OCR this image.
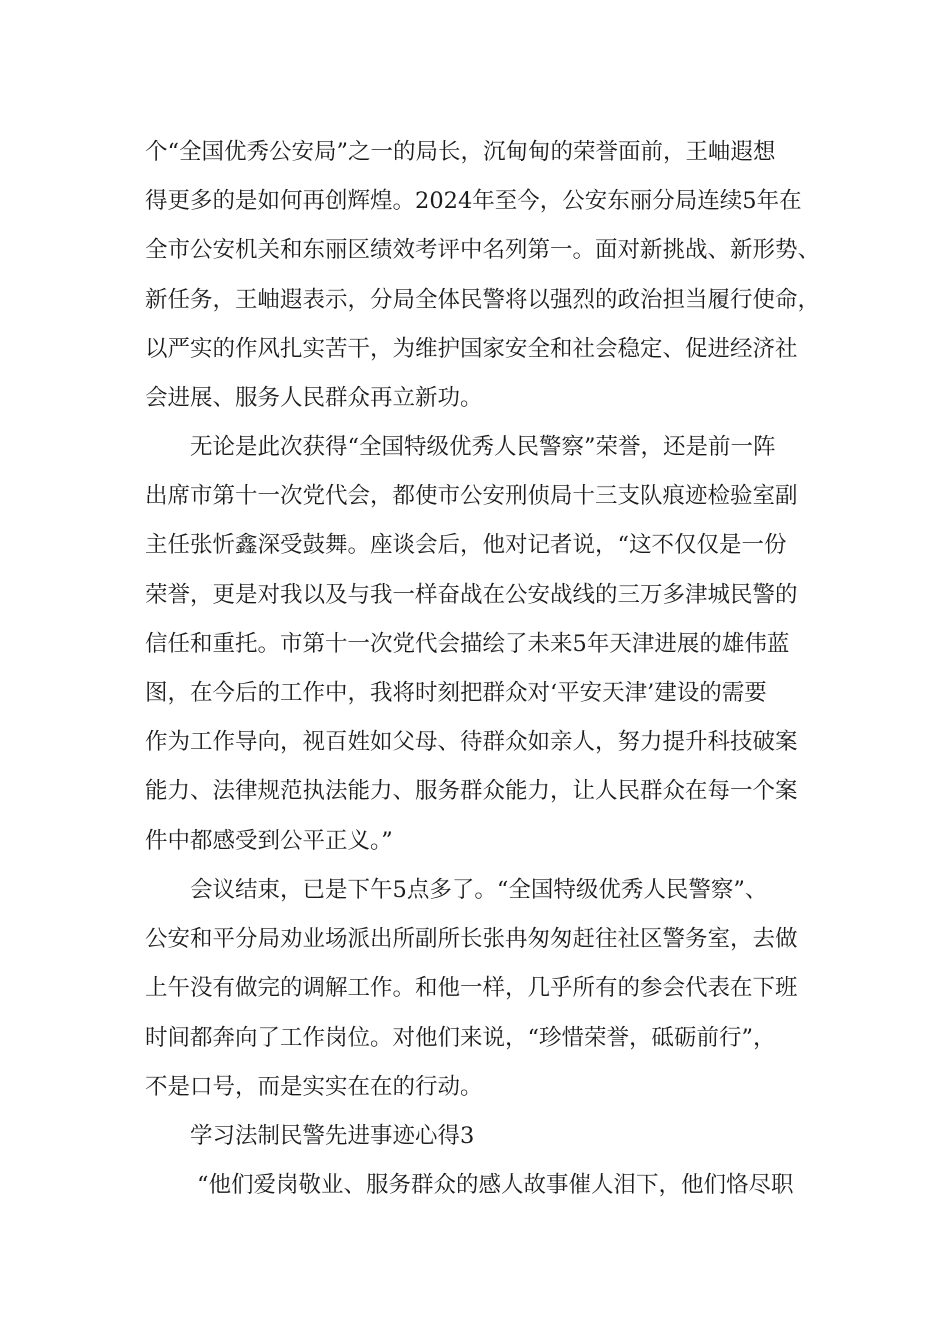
个“全国优秀公安局”之一的局长，沉甸甸的荣誉面前，王岫遐想
得更多的是如何再创辉煌。2024年至今，公安东丽分局连续5年在
全市公安机关和东丽区绩效考评中名列第一。面对新挑战、新形势、
新任务，王岫遐表示，分局全体民警将以强烈的政治担当履行使命，
以严实的作风扎实苦干，为维护国家安全和社会稳定、促进经济社
会进展、服务人民群众再立新功。
无论是此次获得“全国特级优秀人民警察”荣誉，还是前一阵
出席市第十一次党代会，都使市公安刑侦局十三支队痕迹检验室副
主任张忻鑫深受鼓舞。座谈会后，他对记者说，“这不仅仅是一份
荣誉，更是对我以及与我一样奋战在公安战线的三万多津城民警的
信任和重托。市第十一次党代会描绘了未来5年天津进展的雄伟蓝
图，在今后的工作中，我将时刻把群众对‘平安天津’建设的需要
作为工作导向，视百姓如父母、待群众如亲人，努力提升科技破案
能力、法律规范执法能力、服务群众能力，让人民群众在每一个案
件中都感受到公平正义。”
会议结束，已是下午5点多了。“全国特级优秀人民警察”、
公安和平分局劝业场派出所副所长张冉匆匆赶往社区警务室，去做
上午没有做完的调解工作。和他一样，几乎所有的参会代表在下班
时间都奔向了工作岗位。对他们来说，“珍惜荣誉，砥砺前行”，
不是口号，而是实实在在的行动。
学习法制民警先进事迹心得3
“他们爱岗敬业、服务群众的感人故事催人泪下，他们恪尽职
